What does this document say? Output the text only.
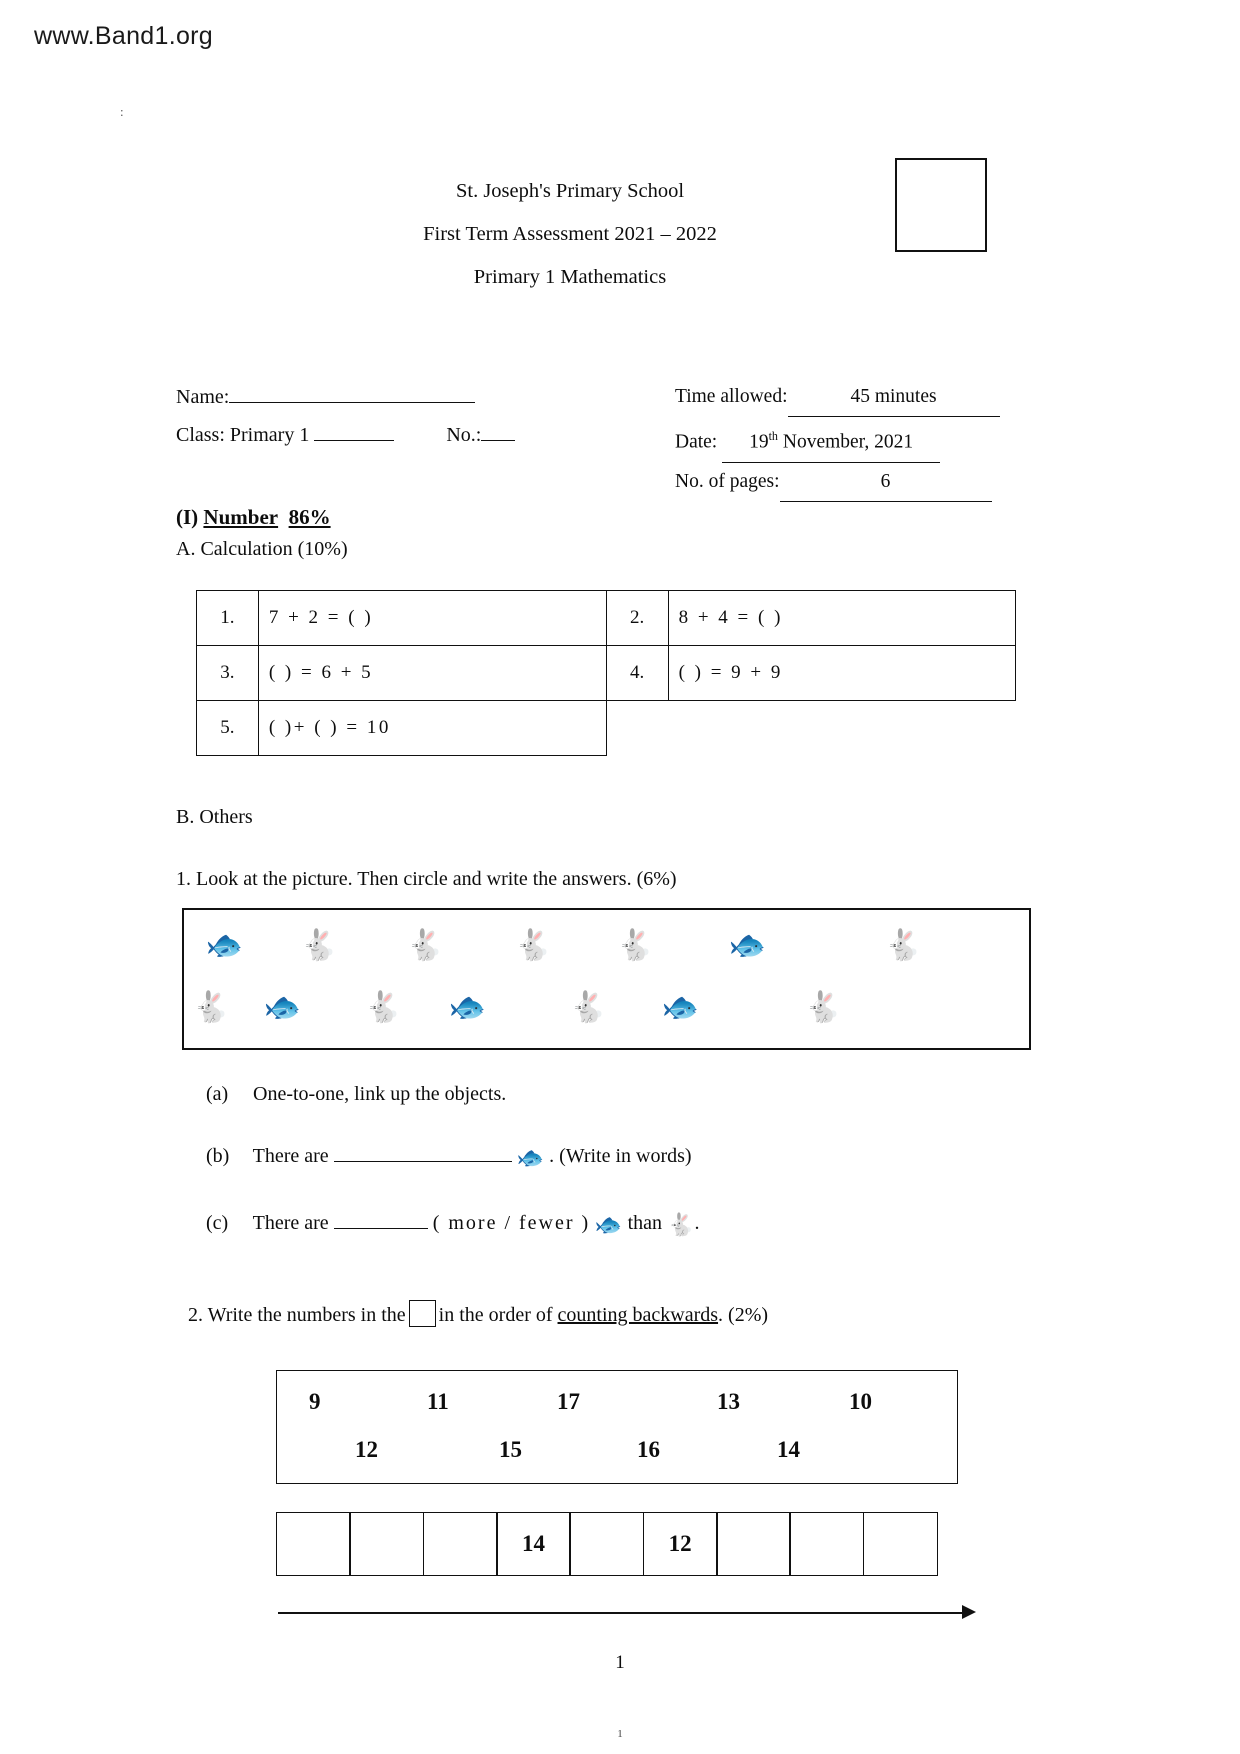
www.Band1.org
:
St. Joseph's Primary School
First Term Assessment 2021 – 2022
Primary 1 Mathematics
Name:
Class: Primary 1	No.:
Time allowed:	45 minutes
Date: 19th November, 2021
No. of pages:	6
(I) Number 86%
A. Calculation (10%)
1.	7 + 2 = ( )	2.	8 + 4 = ( )
3.	( ) = 6 + 5	4.	( ) = 9 + 9
5.	( )+ ( ) = 10		
B. Others
1. Look at the picture. Then circle and write the answers. (6%)
🐟 🐇 🐇 🐇 🐇	🐟	🐇
🐇 🐟 🐇 🐟	🐇 🐟	🐇
(a) One-to-one, link up the objects.
(b) There are	🐟 . (Write in words)
(c) There are	( more / fewer ) 🐟 than 🐇.
2. Write the numbers in the in the order of counting backwards. (2%)
9	11	17	13	10
12	15	16	14
14	12
1
1
